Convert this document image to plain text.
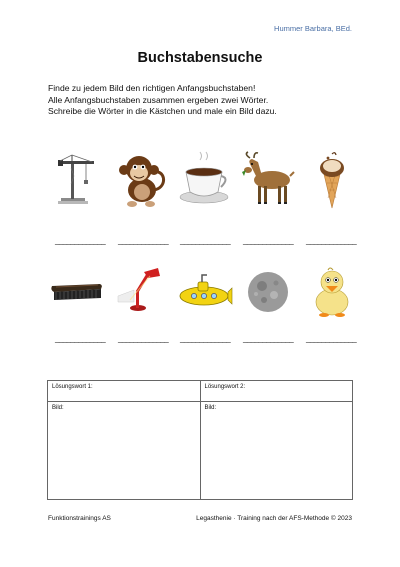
Hummer Barbara, BEd.
Buchstabensuche
Finde zu jedem Bild den richtigen Anfangsbuchstaben!
Alle Anfangsbuchstaben zusammen ergeben zwei Wörter.
Schreibe die Wörter in die Kästchen und male ein Bild dazu.
_____________ _____________ _____________ _____________ _____________
_____________ _____________ _____________ _____________ _____________
Lösungswort 1:	Lösungswort 2:
Bild:	Bild:
Funktionstrainings AS	Legasthenie · Training nach der AFS-Methode © 2023
